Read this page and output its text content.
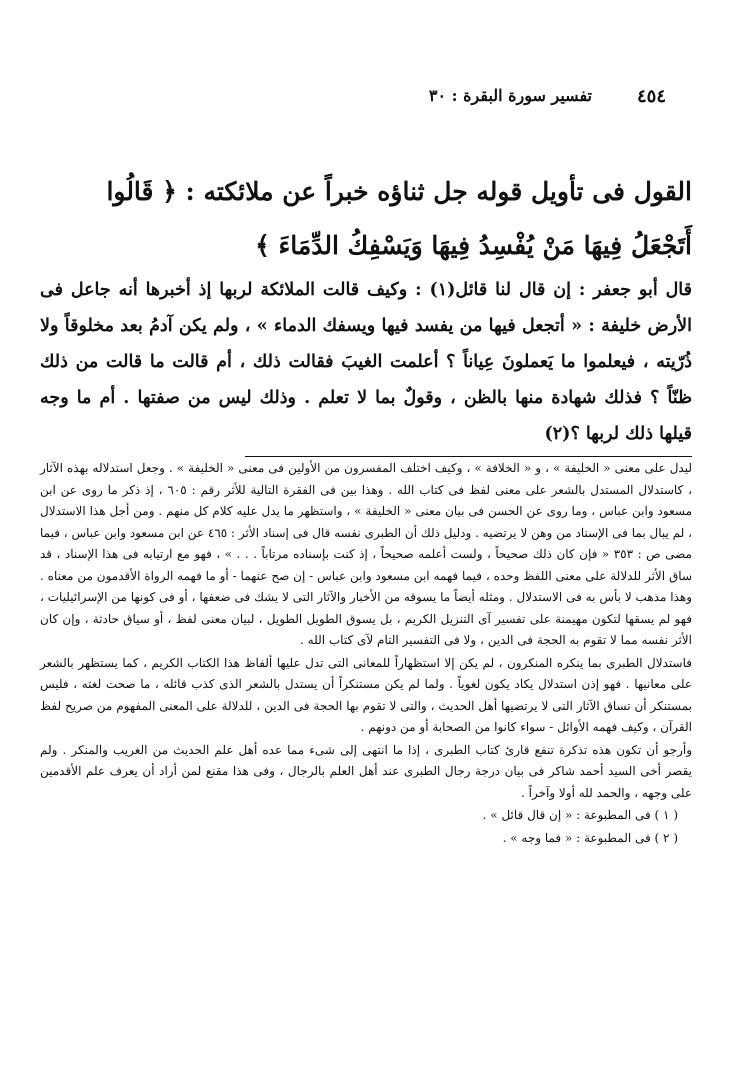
٤٥٤
تفسير سورة البقرة : ٣٠
القول فى تأويل قوله جل ثناؤه خبراً عن ملائكته : ﴿ قَالُوا أَتَجْعَلُ فِيهَا مَنْ يُفْسِدُ فِيهَا وَيَسْفِكُ الدِّمَاءَ ﴾

قال أبو جعفر : إن قال لنا قائل(١) : وكيف قالت الملائكة لربها إذ أخبرها أنه جاعل فى الأرض خليفة : « أتجعل فيها من يفسد فيها ويسفك الدماء » ، ولم يكن آدمُ بعد مخلوقاً ولا ذُرّيته ، فيعلموا ما يَعملونَ عِياناً ؟ أعلمت الغيبَ فقالت ذلك ، أم قالت ما قالت من ذلك ظنّاً ؟ فذلك شهادة منها بالظن ، وقولٌ بما لا تعلم . وذلك ليس من صفتها . أم ما وجه قيلها ذلك لربها ؟(٢)

ليدل على معنى « الخليفة » ، و « الخلافة » ، وكيف اختلف المفسرون من الأولين فى معنى « الخليفة » . وجعل استدلاله بهذه الآثار ، كاستدلال المستدل بالشعر على معنى لفظ فى كتاب الله . وهذا بين فى الفقرة التالية للأثر رقم : ٦٠٥ ، إذ ذكر ما روى عن ابن مسعود وابن عباس ، وما روى عن الحسن فى بيان معنى « الخليفة » ، واستظهر ما يدل عليه كلام كل منهم . ومن أجل هذا الاستدلال ، لم يبال بما فى الإسناد من وهن لا يرتضيه . ودليل ذلك أن الطبرى نفسه قال فى إسناد الأثر : ٤٦٥ عن ابن مسعود وابن عباس ، فيما مضى ص : ٣٥٣ « فإن كان ذلك صحيحاً ، ولست أعلمه صحيحاً ، إذ كنت بإسناده مرتاباً . . . » ، فهو مع ارتيابه فى هذا الإسناد ، قد ساق الأثر للدلالة على معنى اللفظ وحده ، فيما فهمه ابن مسعود وابن عباس - إن صح عنهما - أو ما فهمه الرواة الأقدمون من معناه . وهذا مذهب لا بأس به فى الاستدلال . ومثله أيضاً ما يسوقه من الأخبار والآثار التى لا يشك فى ضعفها ، أو فى كونها من الإسرائيليات ، فهو لم يسقها لتكون مهيمنة على تفسير آى التنزيل الكريم ، بل يسوق الطويل الطويل ، لبيان معنى لفظ ، أو سياق حادثة ، وإن كان الأثر نفسه مما لا تقوم به الحجة فى الدين ، ولا فى التفسير التام لآى كتاب الله .

فاستدلال الطبرى بما ينكره المنكرون ، لم يكن إلا استظهاراً للمعانى التى تدل عليها ألفاظ هذا الكتاب الكريم ، كما يستظهر بالشعر على معانيها . فهو إذن استدلال يكاد يكون لغوياً . ولما لم يكن مستنكراً أن يستدل بالشعر الذى كذب قائله ، ما صحت لغته ، فليس بمستنكر أن تساق الآثار التى لا يرتضيها أهل الحديث ، والتى لا تقوم بها الحجة فى الدين ، للدلالة على المعنى المفهوم من صريح لفظ القرآن ، وكيف فهمه الأوائل - سواء كانوا من الصحابة أو من دونهم .

وأرجو أن تكون هذه تذكرة تنفع قارئ كتاب الطبرى ، إذا ما انتهى إلى شىء مما عده أهل علم الحديث من الغريب والمنكر . ولم يقصر أخى السيد أحمد شاكر فى بيان درجة رجال الطبرى عند أهل العلم بالرجال ، وفى هذا مقنع لمن أراد أن يعرف علم الأقدمين على وجهه ، والحمد لله أولا وآخراً .

( ١ ) فى المطبوعة : « إن قال قائل » .

( ٢ ) فى المطبوعة : « فما وجه » .
